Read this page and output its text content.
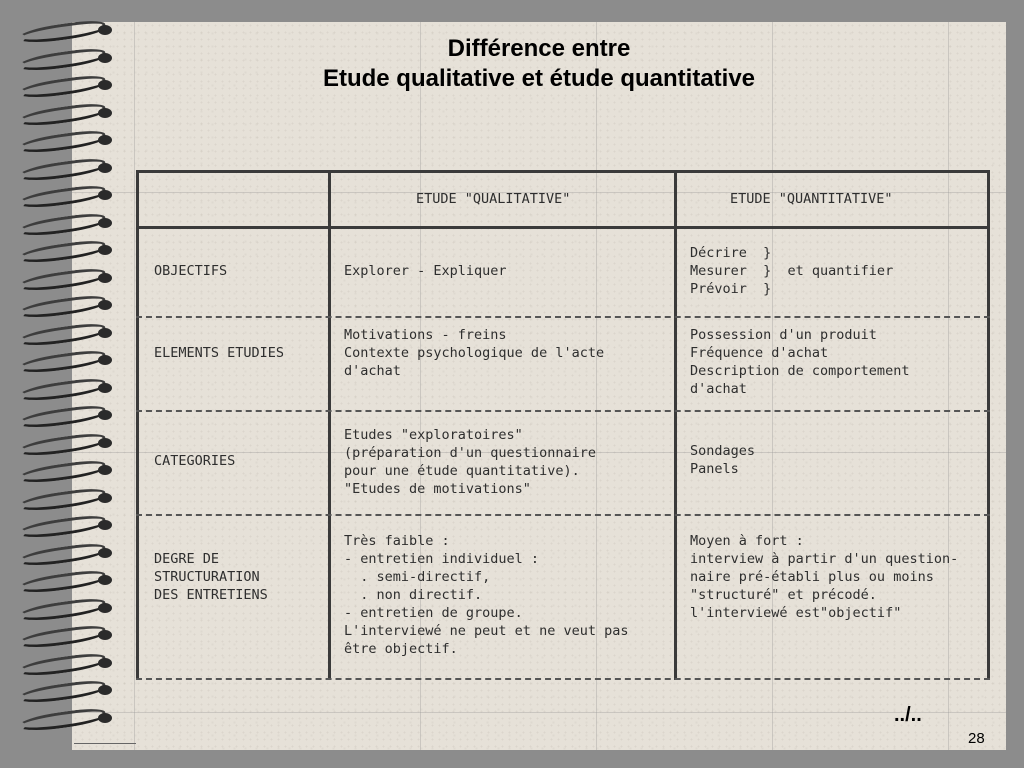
Différence entre
Etude qualitative et étude quantitative
ETUDE "QUALITATIVE"	ETUDE "QUANTITATIVE"
OBJECTIFS	Explorer - Expliquer
Décrire  }
Mesurer  }  et quantifier
Prévoir  }
ELEMENTS ETUDIES
Motivations - freins
Contexte psychologique de l'acte
d'achat
Possession d'un produit
Fréquence d'achat
Description de comportement
d'achat
CATEGORIES
Etudes "exploratoires"
(préparation d'un questionnaire
pour une étude quantitative).
"Etudes de motivations"
Sondages
Panels
DEGRE DE
STRUCTURATION
DES ENTRETIENS
Très faible :
- entretien individuel :
. semi-directif,
. non directif.
- entretien de groupe.
L'interviewé ne peut et ne veut pas
être objectif.
Moyen à fort :
interview à partir d'un question-
naire pré-établi plus ou moins
"structuré" et précodé.
l'interviewé est"objectif"
../..
28
